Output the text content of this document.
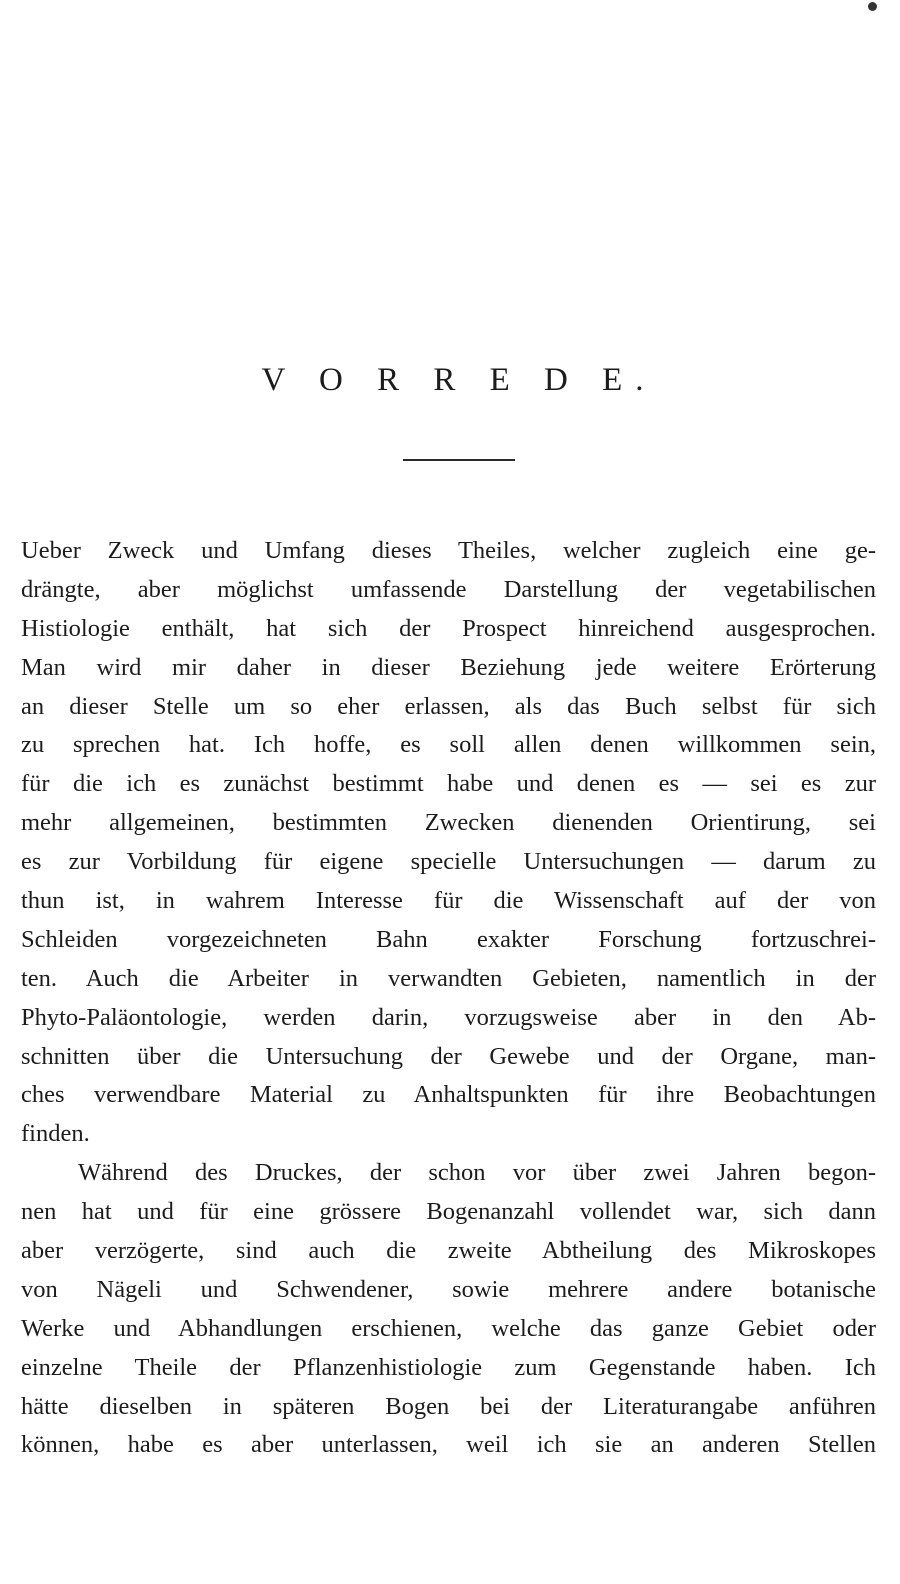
V O R R E D E.
Ueber Zweck und Umfang dieses Theiles, welcher zugleich eine ge-
drängte, aber möglichst umfassende Darstellung der vegetabilischen
Histiologie enthält, hat sich der Prospect hinreichend ausgesprochen.
Man wird mir daher in dieser Beziehung jede weitere Erörterung
an dieser Stelle um so eher erlassen, als das Buch selbst für sich
zu sprechen hat. Ich hoffe, es soll allen denen willkommen sein,
für die ich es zunächst bestimmt habe und denen es — sei es zur
mehr allgemeinen, bestimmten Zwecken dienenden Orientirung, sei
es zur Vorbildung für eigene specielle Untersuchungen — darum zu
thun ist, in wahrem Interesse für die Wissenschaft auf der von
Schleiden vorgezeichneten Bahn exakter Forschung fortzuschrei-
ten. Auch die Arbeiter in verwandten Gebieten, namentlich in der
Phyto-Paläontologie, werden darin, vorzugsweise aber in den Ab-
schnitten über die Untersuchung der Gewebe und der Organe, man-
ches verwendbare Material zu Anhaltspunkten für ihre Beobachtungen
finden.
Während des Druckes, der schon vor über zwei Jahren begon-
nen hat und für eine grössere Bogenanzahl vollendet war, sich dann
aber verzögerte, sind auch die zweite Abtheilung des Mikroskopes
von Nägeli und Schwendener, sowie mehrere andere botanische
Werke und Abhandlungen erschienen, welche das ganze Gebiet oder
einzelne Theile der Pflanzenhistiologie zum Gegenstande haben. Ich
hätte dieselben in späteren Bogen bei der Literaturangabe anführen
können, habe es aber unterlassen, weil ich sie an anderen Stellen
